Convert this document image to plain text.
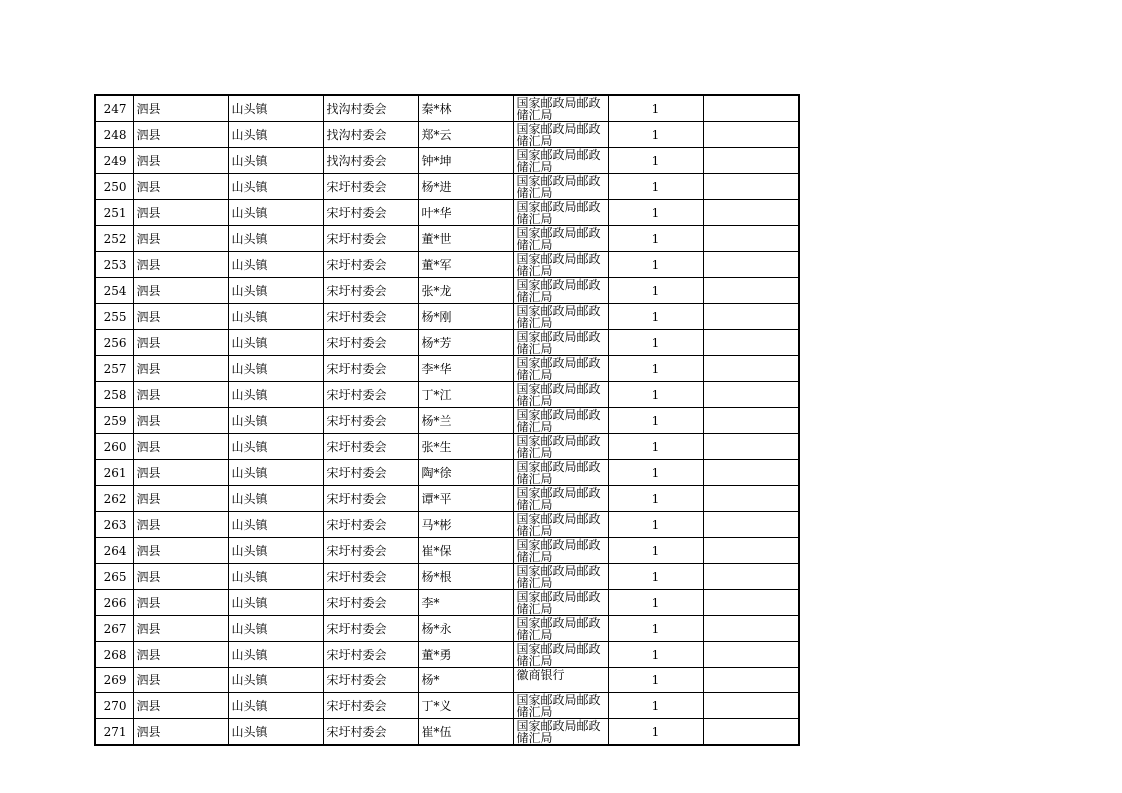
247	泗县	山头镇	找沟村委会	秦*林	国家邮政局邮政储汇局	1	
248	泗县	山头镇	找沟村委会	郑*云	国家邮政局邮政储汇局	1	
249	泗县	山头镇	找沟村委会	钟*坤	国家邮政局邮政储汇局	1	
250	泗县	山头镇	宋圩村委会	杨*进	国家邮政局邮政储汇局	1	
251	泗县	山头镇	宋圩村委会	叶*华	国家邮政局邮政储汇局	1	
252	泗县	山头镇	宋圩村委会	董*世	国家邮政局邮政储汇局	1	
253	泗县	山头镇	宋圩村委会	董*军	国家邮政局邮政储汇局	1	
254	泗县	山头镇	宋圩村委会	张*龙	国家邮政局邮政储汇局	1	
255	泗县	山头镇	宋圩村委会	杨*刚	国家邮政局邮政储汇局	1	
256	泗县	山头镇	宋圩村委会	杨*芳	国家邮政局邮政储汇局	1	
257	泗县	山头镇	宋圩村委会	李*华	国家邮政局邮政储汇局	1	
258	泗县	山头镇	宋圩村委会	丁*江	国家邮政局邮政储汇局	1	
259	泗县	山头镇	宋圩村委会	杨*兰	国家邮政局邮政储汇局	1	
260	泗县	山头镇	宋圩村委会	张*生	国家邮政局邮政储汇局	1	
261	泗县	山头镇	宋圩村委会	陶*徐	国家邮政局邮政储汇局	1	
262	泗县	山头镇	宋圩村委会	谭*平	国家邮政局邮政储汇局	1	
263	泗县	山头镇	宋圩村委会	马*彬	国家邮政局邮政储汇局	1	
264	泗县	山头镇	宋圩村委会	崔*保	国家邮政局邮政储汇局	1	
265	泗县	山头镇	宋圩村委会	杨*根	国家邮政局邮政储汇局	1	
266	泗县	山头镇	宋圩村委会	李*	国家邮政局邮政储汇局	1	
267	泗县	山头镇	宋圩村委会	杨*永	国家邮政局邮政储汇局	1	
268	泗县	山头镇	宋圩村委会	董*勇	国家邮政局邮政储汇局	1	
269	泗县	山头镇	宋圩村委会	杨*	徽商银行	1	
270	泗县	山头镇	宋圩村委会	丁*义	国家邮政局邮政储汇局	1	
271	泗县	山头镇	宋圩村委会	崔*伍	国家邮政局邮政储汇局	1	
